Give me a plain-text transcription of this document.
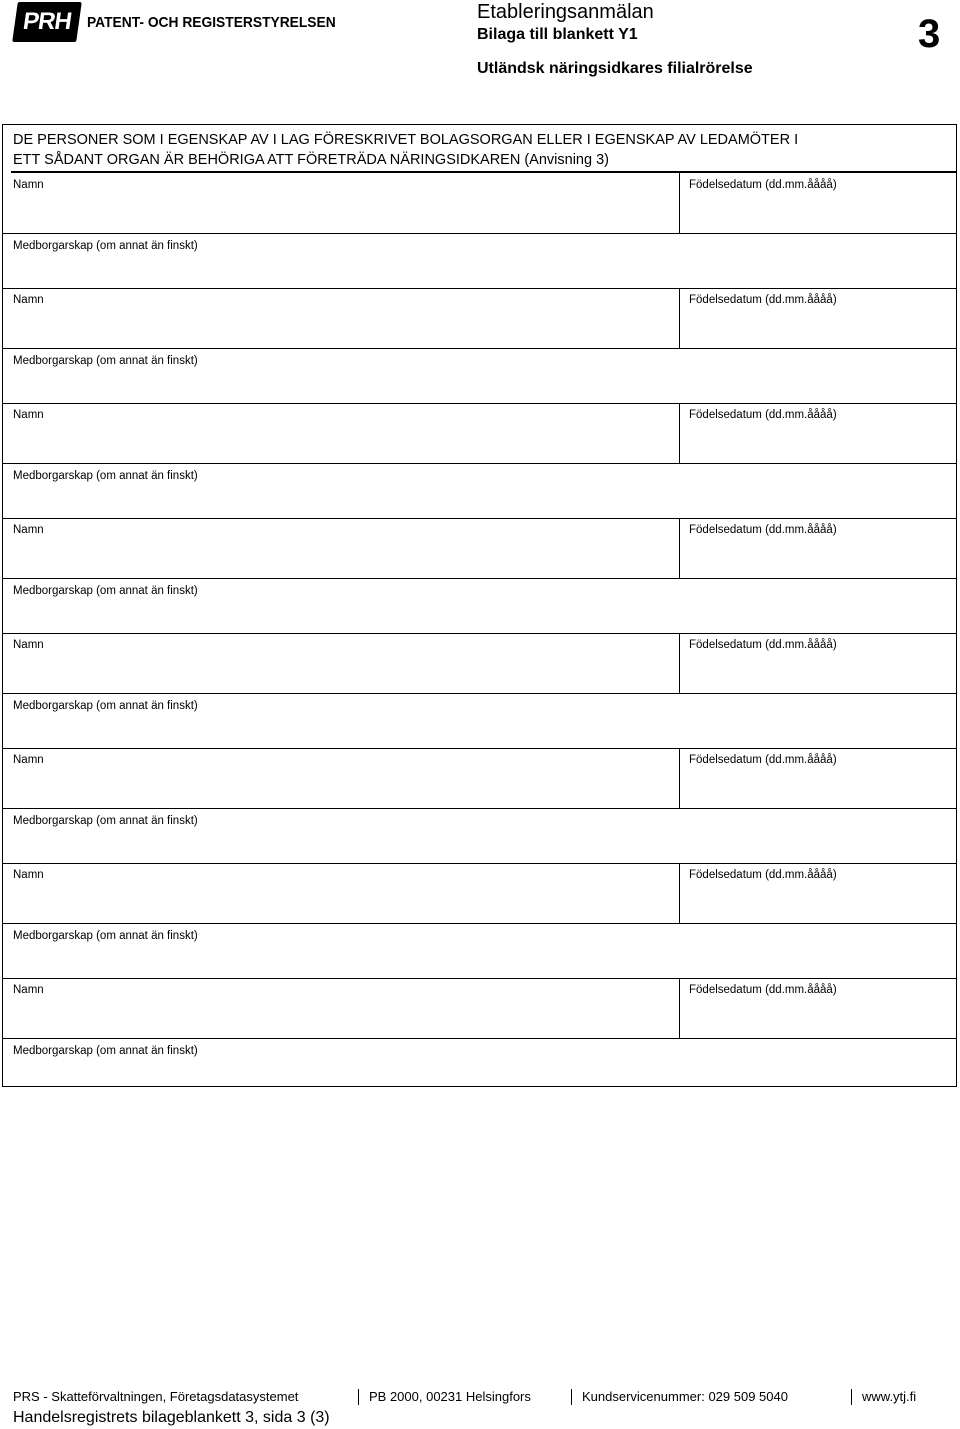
PRH PATENT- OCH REGISTERSTYRELSEN	Etableringsanmälan
Bilaga till blankett Y1
Utländsk näringsidkares filialrörelse
3
DE PERSONER SOM I EGENSKAP AV I LAG FÖRESKRIVET BOLAGSORGAN ELLER I EGENSKAP AV LEDAMÖTER I
ETT SÅDANT ORGAN ÄR BEHÖRIGA ATT FÖRETRÄDA NÄRINGSIDKAREN (Anvisning 3)
Namn	Födelsedatum (dd.mm.åååå)
Medborgarskap (om annat än finskt)
Namn	Födelsedatum (dd.mm.åååå)
Medborgarskap (om annat än finskt)
Namn	Födelsedatum (dd.mm.åååå)
Medborgarskap (om annat än finskt)
Namn	Födelsedatum (dd.mm.åååå)
Medborgarskap (om annat än finskt)
Namn	Födelsedatum (dd.mm.åååå)
Medborgarskap (om annat än finskt)
Namn	Födelsedatum (dd.mm.åååå)
Medborgarskap (om annat än finskt)
Namn	Födelsedatum (dd.mm.åååå)
Medborgarskap (om annat än finskt)
Namn	Födelsedatum (dd.mm.åååå)
Medborgarskap (om annat än finskt)
PRS - Skatteförvaltningen, Företagsdatasystemet	PB 2000, 00231 Helsingfors	Kundservicenummer: 029 509 5040	www.ytj.fi
Handelsregistrets bilageblankett 3, sida 3 (3)
